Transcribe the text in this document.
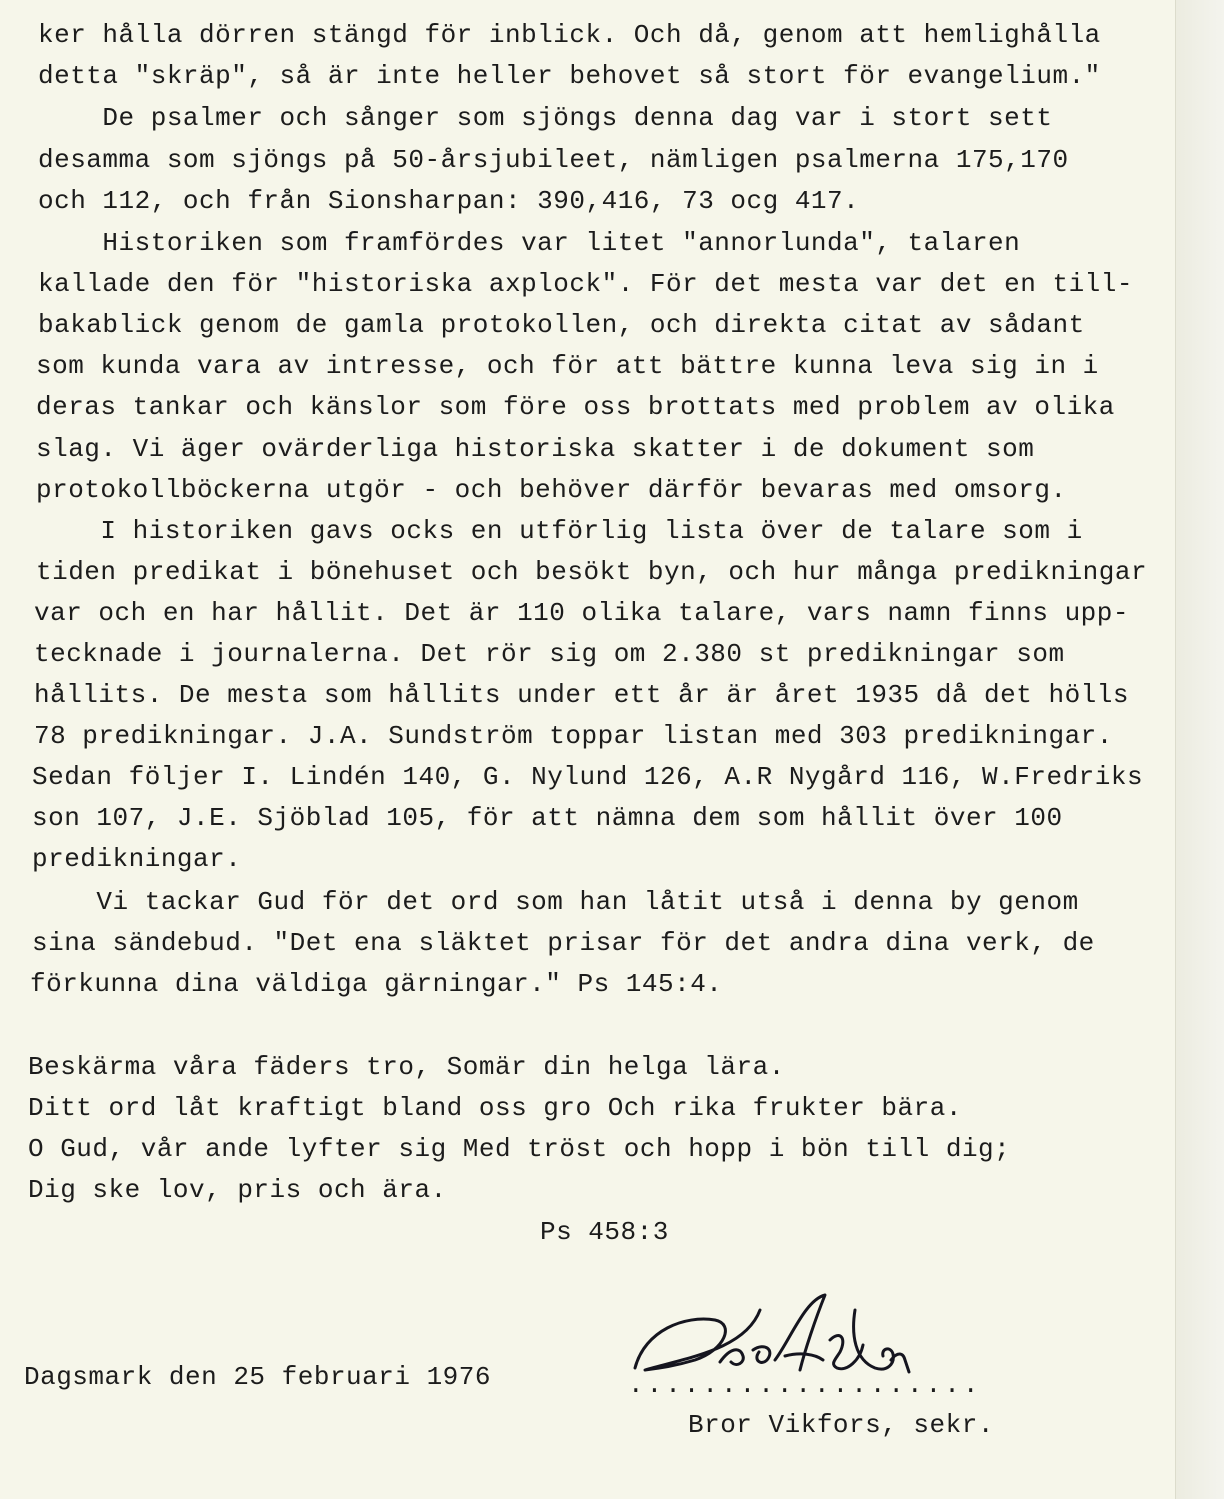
ker hålla dörren stängd för inblick. Och då, genom att hemlighålla
detta "skräp", så är inte heller behovet så stort för evangelium."
De psalmer och sånger som sjöngs denna dag var i stort sett
desamma som sjöngs på 50-årsjubileet, nämligen psalmerna 175,170
och 112, och från Sionsharpan: 390,416, 73 ocg 417.
Historiken som framfördes var litet "annorlunda", talaren
kallade den för "historiska axplock". För det mesta var det en till-
bakablick genom de gamla protokollen, och direkta citat av sådant
som kunda vara av intresse, och för att bättre kunna leva sig in i
deras tankar och känslor som före oss brottats med problem av olika
slag. Vi äger ovärderliga historiska skatter i de dokument som
protokollböckerna utgör - och behöver därför bevaras med omsorg.
I historiken gavs ocks en utförlig lista över de talare som i
tiden predikat i bönehuset och besökt byn, och hur många predikningar
var och en har hållit. Det är 110 olika talare, vars namn finns upp-
tecknade i journalerna. Det rör sig om 2.380 st predikningar som
hållits. De mesta som hållits under ett år är året 1935 då det hölls
78 predikningar. J.A. Sundström toppar listan med 303 predikningar.
Sedan följer I. Lindén 140, G. Nylund 126, A.R Nygård 116, W.Fredriks
son 107, J.E. Sjöblad 105, för att nämna dem som hållit över 100
predikningar.
Vi tackar Gud för det ord som han låtit utså i denna by genom
sina sändebud. "Det ena släktet prisar för det andra dina verk, de
förkunna dina väldiga gärningar." Ps 145:4.
Beskärma våra fäders tro, Somär din helga lära.
Ditt ord låt kraftigt bland oss gro Och rika frukter bära.
O Gud, vår ande lyfter sig Med tröst och hopp i bön till dig;
Dig ske lov, pris och ära.
Ps 458:3
Dagsmark den 25 februari 1976	...................
Bror Vikfors, sekr.
